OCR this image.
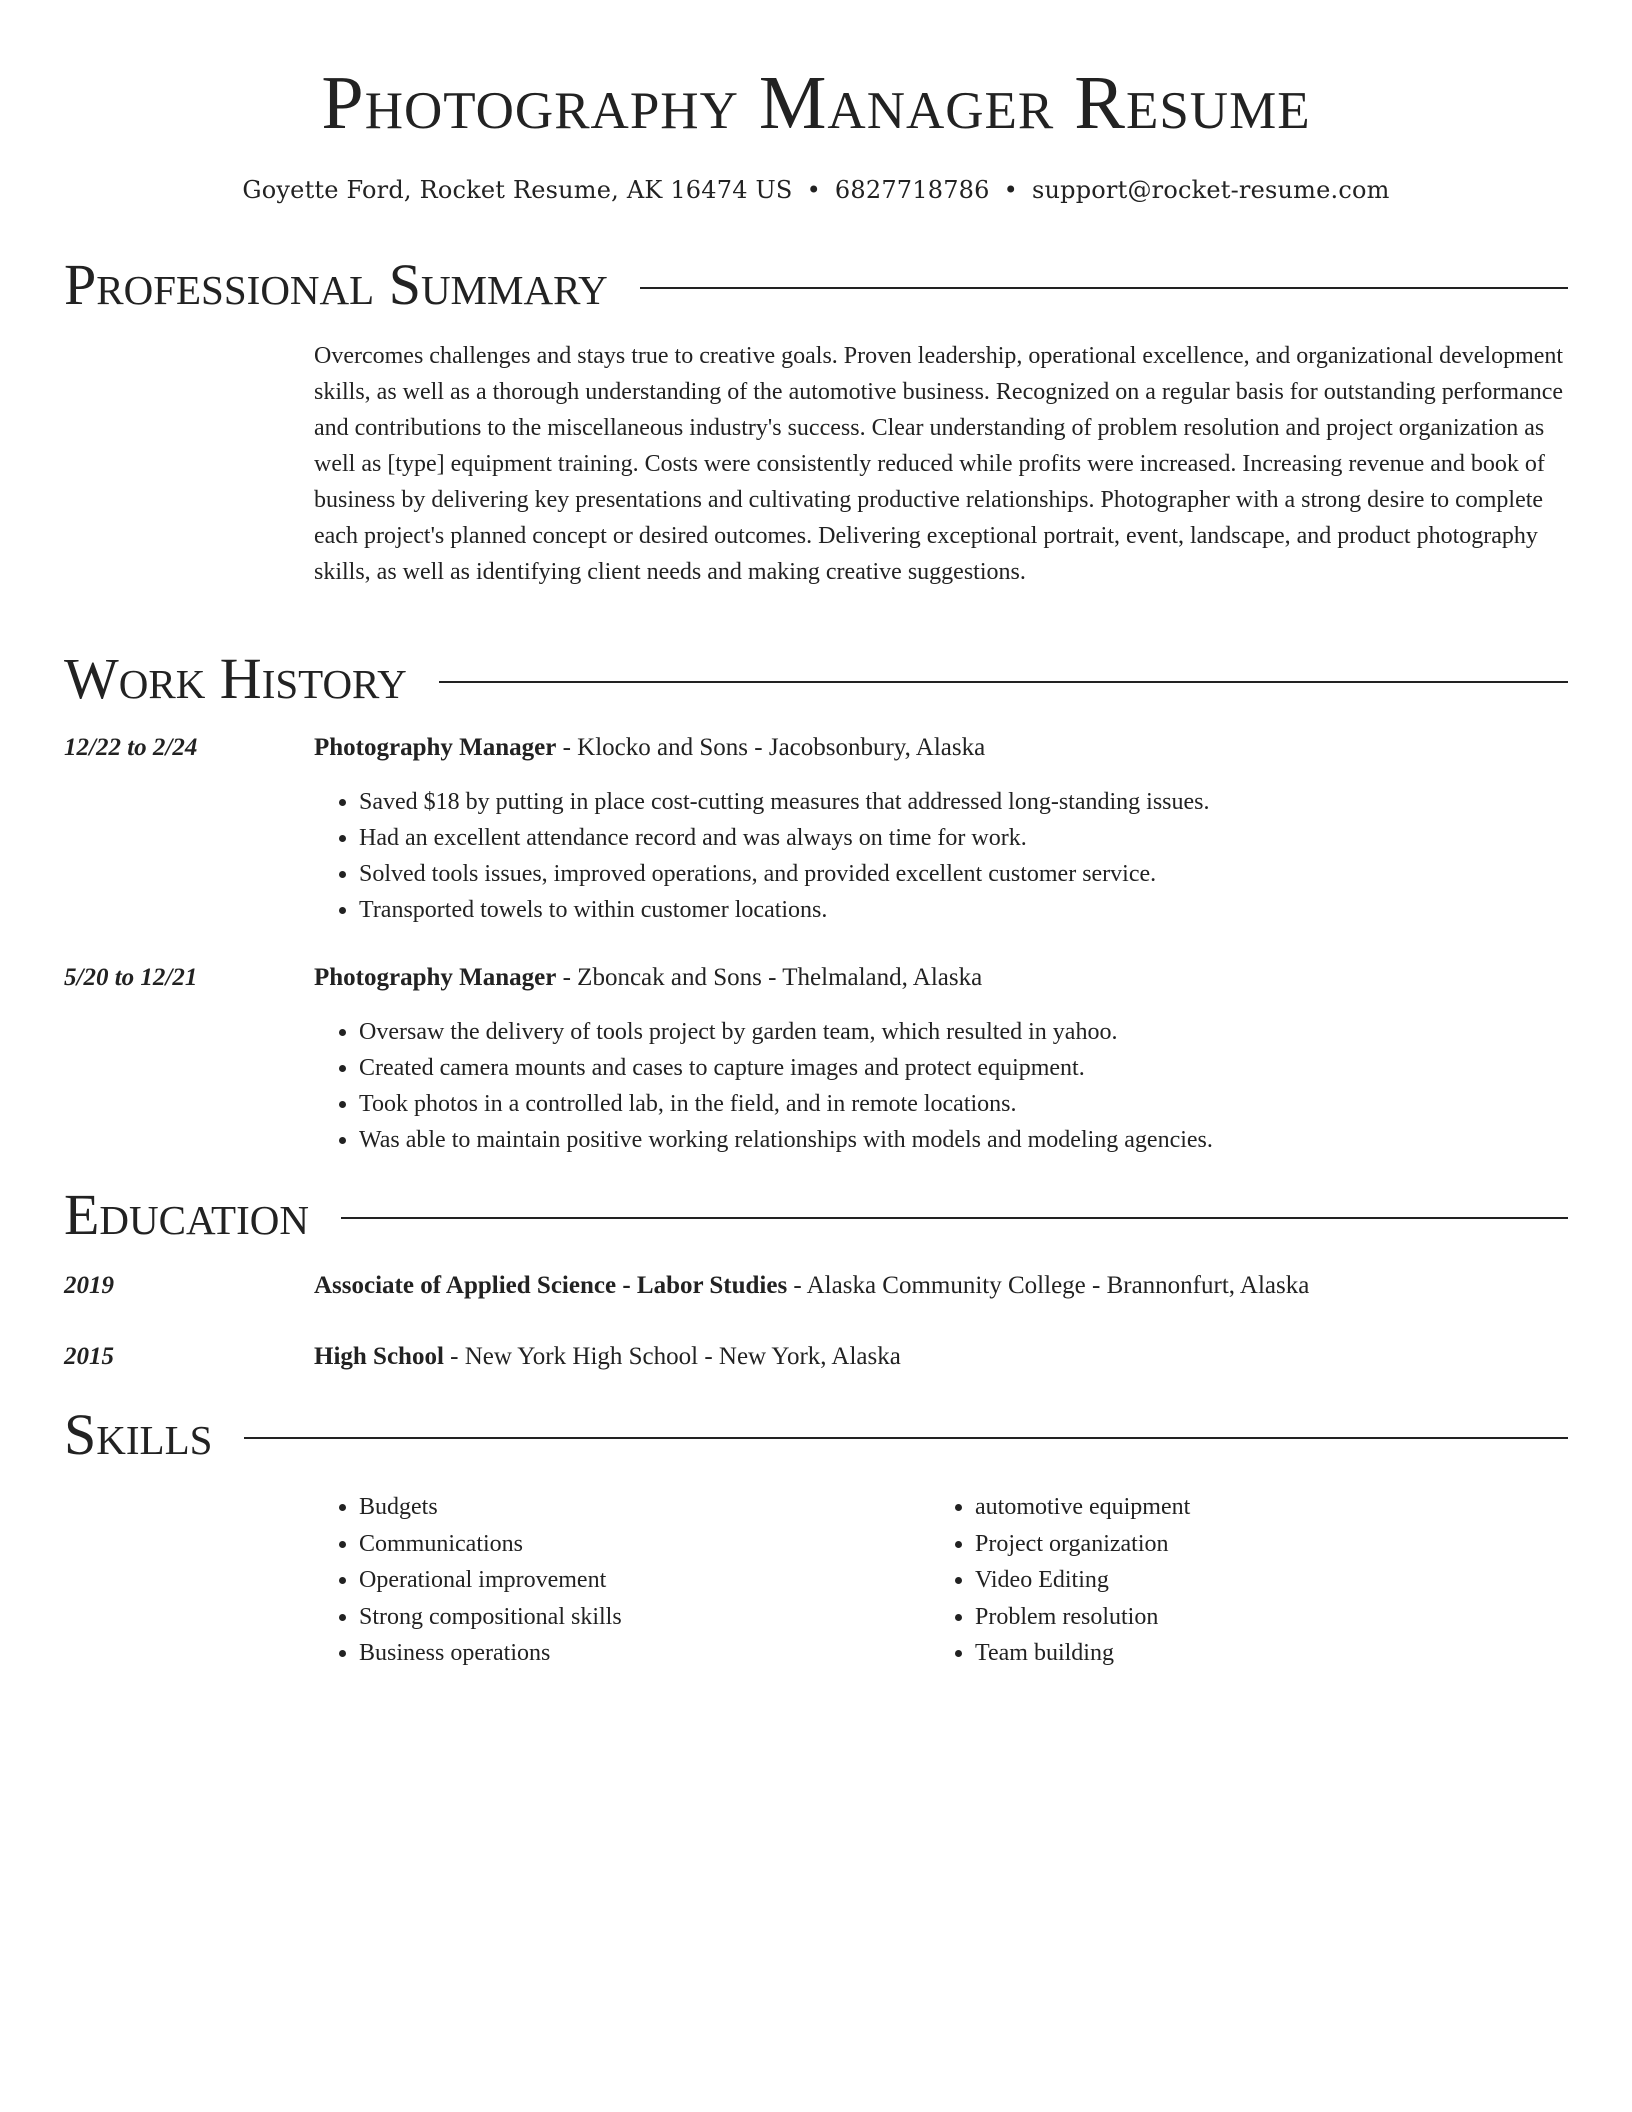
Photography Manager Resume
Goyette Ford, Rocket Resume, AK 16474 US • 6827718786 • support@rocket-resume.com
Professional Summary

Overcomes challenges and stays true to creative goals. Proven leadership, operational excellence, and organizational development skills, as well as a thorough understanding of the automotive business. Recognized on a regular basis for outstanding performance and contributions to the miscellaneous industry's success. Clear understanding of problem resolution and project organization as well as [type] equipment training. Costs were consistently reduced while profits were increased. Increasing revenue and book of business by delivering key presentations and cultivating productive relationships. Photographer with a strong desire to complete each project's planned concept or desired outcomes. Delivering exceptional portrait, event, landscape, and product photography skills, as well as identifying client needs and making creative suggestions.

Work History
12/22 to 2/24	Photography Manager - Klocko and Sons - Jacobsonbury, Alaska
• Saved $18 by putting in place cost-cutting measures that addressed long-standing issues.
• Had an excellent attendance record and was always on time for work.
• Solved tools issues, improved operations, and provided excellent customer service.
• Transported towels to within customer locations.
5/20 to 12/21	Photography Manager - Zboncak and Sons - Thelmaland, Alaska
• Oversaw the delivery of tools project by garden team, which resulted in yahoo.
• Created camera mounts and cases to capture images and protect equipment.
• Took photos in a controlled lab, in the field, and in remote locations.
• Was able to maintain positive working relationships with models and modeling agencies.
Education
2019	Associate of Applied Science - Labor Studies - Alaska Community College - Brannonfurt, Alaska
2015	High School - New York High School - New York, Alaska
Skills
• Budgets
• Communications
• Operational improvement
• Strong compositional skills
• Business operations
• automotive equipment
• Project organization
• Video Editing
• Problem resolution
• Team building
